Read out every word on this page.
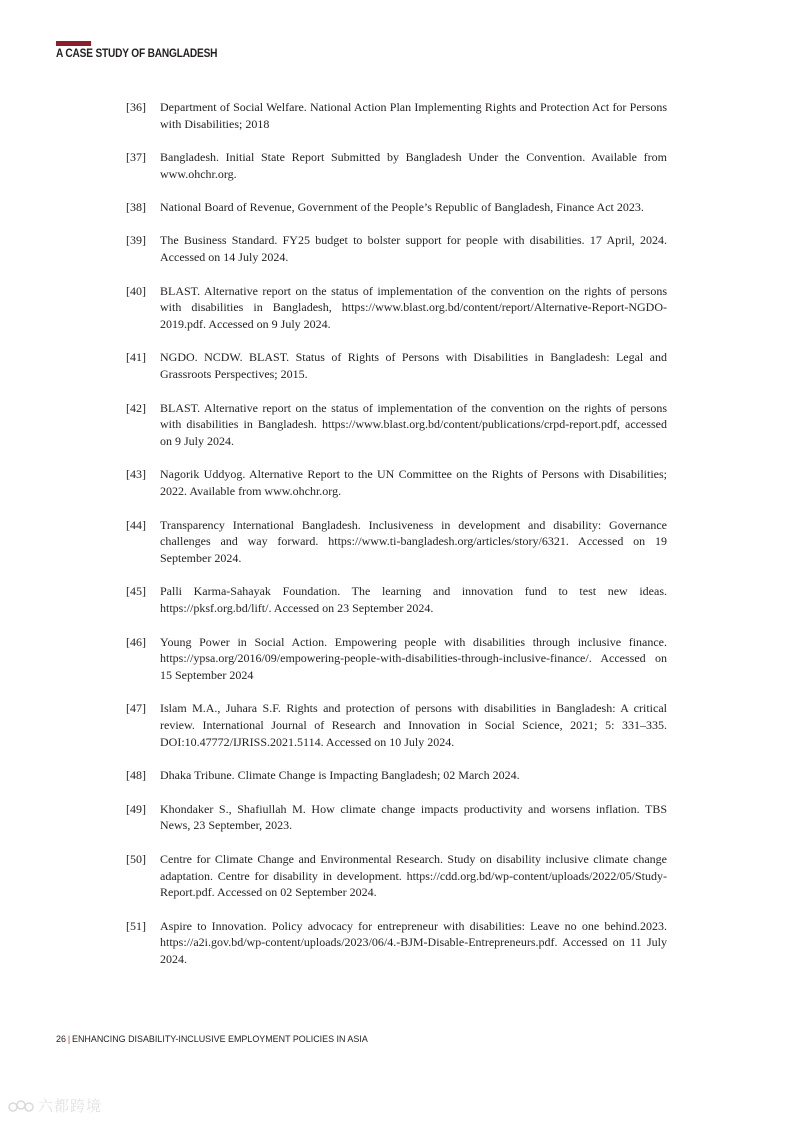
A CASE STUDY OF BANGLADESH
[36] Department of Social Welfare. National Action Plan Implementing Rights and Protection Act for Persons with Disabilities; 2018
[37] Bangladesh. Initial State Report Submitted by Bangladesh Under the Convention. Available from www.ohchr.org.
[38] National Board of Revenue, Government of the People’s Republic of Bangladesh, Finance Act 2023.
[39] The Business Standard. FY25 budget to bolster support for people with disabilities. 17 April, 2024. Accessed on 14 July 2024.
[40] BLAST. Alternative report on the status of implementation of the convention on the rights of persons with disabilities in Bangladesh, https://www.blast.org.bd/content/report/Alternative-Report-NGDO-2019.pdf. Accessed on 9 July 2024.
[41] NGDO. NCDW. BLAST. Status of Rights of Persons with Disabilities in Bangladesh: Legal and Grassroots Perspectives; 2015.
[42] BLAST. Alternative report on the status of implementation of the convention on the rights of persons with disabilities in Bangladesh. https://www.blast.org.bd/content/publications/crpd-report.pdf, accessed on 9 July 2024.
[43] Nagorik Uddyog. Alternative Report to the UN Committee on the Rights of Persons with Disabilities; 2022. Available from www.ohchr.org.
[44] Transparency International Bangladesh. Inclusiveness in development and disability: Governance challenges and way forward. https://www.ti-bangladesh.org/articles/story/6321. Accessed on 19 September 2024.
[45] Palli Karma-Sahayak Foundation. The learning and innovation fund to test new ideas. https://pksf.org.bd/lift/. Accessed on 23 September 2024.
[46] Young Power in Social Action. Empowering people with disabilities through inclusive finance. https://ypsa.org/2016/09/empowering-people-with-disabilities-through-inclusive-finance/. Accessed on 15 September 2024
[47] Islam M.A., Juhara S.F. Rights and protection of persons with disabilities in Bangladesh: A critical review. International Journal of Research and Innovation in Social Science, 2021; 5: 331–335. DOI:10.47772/IJRISS.2021.5114. Accessed on 10 July 2024.
[48] Dhaka Tribune. Climate Change is Impacting Bangladesh; 02 March 2024.
[49] Khondaker S., Shafiullah M. How climate change impacts productivity and worsens inflation. TBS News, 23 September, 2023.
[50] Centre for Climate Change and Environmental Research. Study on disability inclusive climate change adaptation. Centre for disability in development. https://cdd.org.bd/wp-content/uploads/2022/05/Study-Report.pdf. Accessed on 02 September 2024.
[51] Aspire to Innovation. Policy advocacy for entrepreneur with disabilities: Leave no one behind.2023. https://a2i.gov.bd/wp-content/uploads/2023/06/4.-BJM-Disable-Entrepreneurs.pdf. Accessed on 11 July 2024.
26 | ENHANCING DISABILITY-INCLUSIVE EMPLOYMENT POLICIES IN ASIA
六都跨境
